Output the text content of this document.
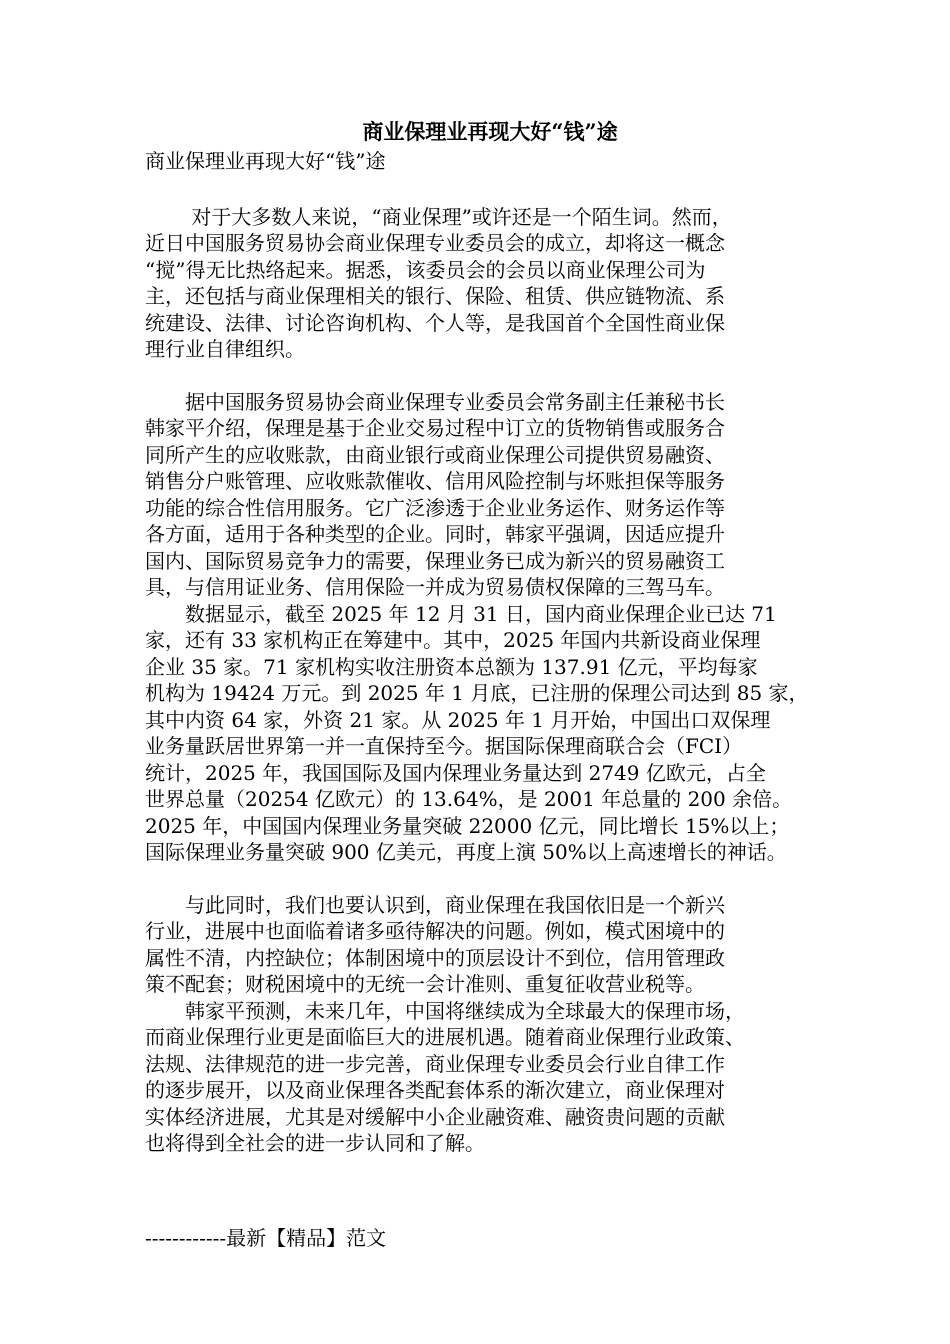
商业保理业再现大好“钱”途
商业保理业再现大好“钱”途
　　 对于大多数人来说，“商业保理”或许还是一个陌生词。然而，
近日中国服务贸易协会商业保理专业委员会的成立，却将这一概念
“搅”得无比热络起来。据悉，该委员会的会员以商业保理公司为
主，还包括与商业保理相关的银行、保险、租赁、供应链物流、系
统建设、法律、讨论咨询机构、个人等，是我国首个全国性商业保
理行业自律组织。
　　据中国服务贸易协会商业保理专业委员会常务副主任兼秘书长
韩家平介绍，保理是基于企业交易过程中订立的货物销售或服务合
同所产生的应收账款，由商业银行或商业保理公司提供贸易融资、
销售分户账管理、应收账款催收、信用风险控制与坏账担保等服务
功能的综合性信用服务。它广泛渗透于企业业务运作、财务运作等
各方面，适用于各种类型的企业。同时，韩家平强调，因适应提升
国内、国际贸易竞争力的需要，保理业务已成为新兴的贸易融资工
具，与信用证业务、信用保险一并成为贸易债权保障的三驾马车。
　　数据显示，截至 2025 年 12 月 31 日，国内商业保理企业已达 71
家，还有 33 家机构正在筹建中。其中，2025 年国内共新设商业保理
企业 35 家。71 家机构实收注册资本总额为 137.91 亿元，平均每家
机构为 19424 万元。到 2025 年 1 月底，已注册的保理公司达到 85 家，
其中内资 64 家，外资 21 家。从 2025 年 1 月开始，中国出口双保理
业务量跃居世界第一并一直保持至今。据国际保理商联合会（FCI）
统计，2025 年，我国国际及国内保理业务量达到 2749 亿欧元，占全
世界总量（20254 亿欧元）的 13.64%，是 2001 年总量的 200 余倍。
2025 年，中国国内保理业务量突破 22000 亿元，同比增长 15%以上；
国际保理业务量突破 900 亿美元，再度上演 50%以上高速增长的神话。
　　与此同时，我们也要认识到，商业保理在我国依旧是一个新兴
行业，进展中也面临着诸多亟待解决的问题。例如，模式困境中的
属性不清，内控缺位；体制困境中的顶层设计不到位，信用管理政
策不配套；财税困境中的无统一会计准则、重复征收营业税等。
　　韩家平预测，未来几年，中国将继续成为全球最大的保理市场，
而商业保理行业更是面临巨大的进展机遇。随着商业保理行业政策、
法规、法律规范的进一步完善，商业保理专业委员会行业自律工作
的逐步展开，以及商业保理各类配套体系的渐次建立，商业保理对
实体经济进展，尤其是对缓解中小企业融资难、融资贵问题的贡献
也将得到全社会的进一步认同和了解。
------------最新【精品】范文
